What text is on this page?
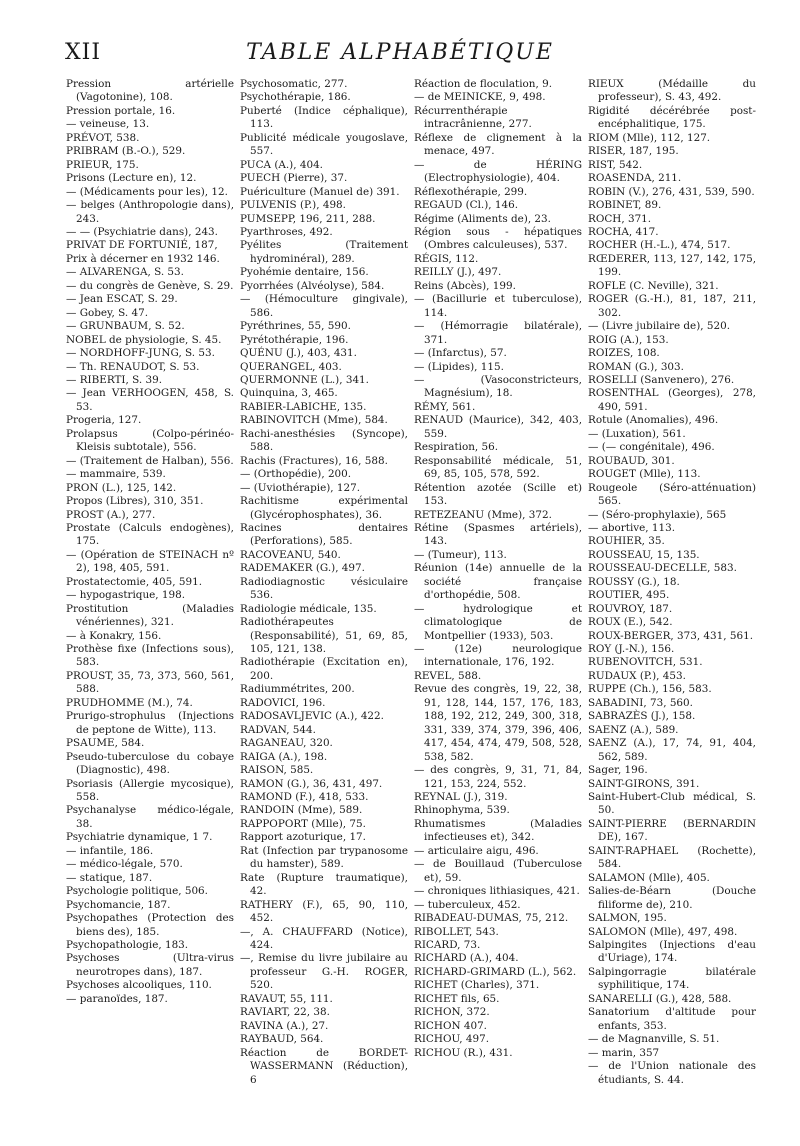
XII	TABLE ALPHABÉTIQUE
Pression artérielle (Vagotonine), 108.
Pression portale, 16.
— veineuse, 13.
PRÉVOT, 538.
PRIBRAM (B.-O.), 529.
PRIEUR, 175.
Prisons (Lecture en), 12.
— (Médicaments pour les), 12.
— belges (Anthropologie dans), 243.
— — (Psychiatrie dans), 243.
PRIVAT DE FORTUNIÉ, 187,
Prix à décerner en 1932 146.
— ALVARENGA, S. 53.
— du congrès de Genève, S. 29.
— Jean ESCAT, S. 29.
— Gobey, S. 47.
— GRUNBAUM, S. 52.
NOBEL de physiologie, S. 45.
— NORDHOFF-JUNG, S. 53.
— Th. RENAUDOT, S. 53.
— RIBERTI, S. 39.
— Jean VERHOOGEN, 458, S. 53.
Progeria, 127.
Prolapsus (Colpo-périnéo-Kleisis subtotale), 556.
— (Traitement de Halban), 556.
— mammaire, 539.
PRON (L.), 125, 142.
Propos (Libres), 310, 351.
PROST (A.), 277.
Prostate (Calculs endogènes), 175.
— (Opération de STEINACH nº 2), 198, 405, 591.
Prostatectomie, 405, 591.
— hypogastrique, 198.
Prostitution (Maladies vénériennes), 321.
— à Konakry, 156.
Prothèse fixe (Infections sous), 583.
PROUST, 35, 73, 373, 560, 561, 588.
PRUDHOMME (M.), 74.
Prurigo-strophulus (Injections de peptone de Witte), 113.
PSAUME, 584.
Pseudo-tuberculose du cobaye (Diagnostic), 498.
Psoriasis (Allergie mycosique), 558.
Psychanalyse médico-légale, 38.
Psychiatrie dynamique, 1 7.
— infantile, 186.
— médico-légale, 570.
— statique, 187.
Psychologie politique, 506.
Psychomancie, 187.
Psychopathes (Protection des biens des), 185.
Psychopathologie, 183.
Psychoses (Ultra-virus neurotropes dans), 187.
Psychoses alcooliques, 110.
— paranoïdes, 187.
Psychosomatic, 277.
Psychothérapie, 186.
Puberté (Indice céphalique), 113.
Publicité médicale yougoslave, 557.
PUCA (A.), 404.
PUECH (Pierre), 37.
Puériculture (Manuel de) 391.
PULVENIS (P.), 498.
PUMSEPP, 196, 211, 288.
Pyarthroses, 492.
Pyélites (Traitement hydrominéral), 289.
Pyohémie dentaire, 156.
Pyorrhées (Alvéolyse), 584.
— (Hémoculture gingivale), 586.
Pyréthrines, 55, 590.
Pyrétothérapie, 196.
QUÉNU (J.), 403, 431.
QUERANGEL, 403.
QUERMONNE (L.), 341.
Quinquina, 3, 465.
RABIER-LABICHE, 135.
RABINOVITCH (Mme), 584.
Rachi-anesthésies (Syncope), 588.
Rachis (Fractures), 16, 588.
— (Orthopédie), 200.
— (Uviothérapie), 127.
Rachitisme expérimental (Glycérophosphates), 36.
Racines dentaires (Perforations), 585.
RACOVEANU, 540.
RADEMAKER (G.), 497.
Radiodiagnostic vésiculaire 536.
Radiologie médicale, 135.
Radiothérapeutes (Responsabilité), 51, 69, 85, 105, 121, 138.
Radiothérapie (Excitation en), 200.
Radiummétrites, 200.
RADOVICI, 196.
RADOSAVLJEVIC (A.), 422.
RADVAN, 544.
RAGANEAU, 320.
RAIGA (A.), 198.
RAISON, 585.
RAMON (G.), 36, 431, 497.
RAMOND (F.), 418, 533.
RANDOIN (Mme), 589.
RAPPOPORT (Mlle), 75.
Rapport azoturique, 17.
Rat (Infection par trypanosome du hamster), 589.
Rate (Rupture traumatique), 42.
RATHERY (F.), 65, 90, 110, 452.
—, A. CHAUFFARD (Notice), 424.
—, Remise du livre jubilaire au professeur G.-H. ROGER, 520.
RAVAUT, 55, 111.
RAVIART, 22, 38.
RAVINA (A.), 27.
RAYBAUD, 564.
Réaction de BORDET-WASSERMANN (Réduction), 6
Réaction de floculation, 9.
— de MEINICKE, 9, 498.
Récurrenthérapie intracrânienne, 277.
Réflexe de clignement à la menace, 497.
— de HÉRING (Electrophysiologie), 404.
Réflexothérapie, 299.
REGAUD (Cl.), 146.
Régime (Aliments de), 23.
Région sous - hépatiques (Ombres calculeuses), 537.
RÉGIS, 112.
REILLY (J.), 497.
Reins (Abcès), 199.
— (Bacillurie et tuberculose), 114.
— (Hémorragie bilatérale), 371.
— (Infarctus), 57.
— (Lipides), 115.
— (Vasoconstricteurs, Magnésium), 18.
RÉMY, 561.
RENAUD (Maurice), 342, 403, 559.
Respiration, 56.
Responsabilité médicale, 51, 69, 85, 105, 578, 592.
Rétention azotée (Scille et) 153.
RETEZEANU (Mme), 372.
Rétine (Spasmes artériels), 143.
— (Tumeur), 113.
Réunion (14e) annuelle de la société française d'orthopédie, 508.
— hydrologique et climatologique de Montpellier (1933), 503.
— (12e) neurologique internationale, 176, 192.
REVEL, 588.
Revue des congrès, 19, 22, 38, 91, 128, 144, 157, 176, 183, 188, 192, 212, 249, 300, 318, 331, 339, 374, 379, 396, 406, 417, 454, 474, 479, 508, 528, 538, 582.
— des congrès, 9, 31, 71, 84, 121, 153, 224, 552.
REYNAL (J.), 319.
Rhinophyma, 539.
Rhumatismes (Maladies infectieuses et), 342.
— articulaire aigu, 496.
— de Bouillaud (Tuberculose et), 59.
— chroniques lithiasiques, 421.
— tuberculeux, 452.
RIBADEAU-DUMAS, 75, 212.
RIBOLLET, 543.
RICARD, 73.
RICHARD (A.), 404.
RICHARD-GRIMARD (L.), 562.
RICHET (Charles), 371.
RICHET fils, 65.
RICHON, 372.
RICHON 407.
RICHOU, 497.
RICHOU (R.), 431.
RIEUX (Médaille du professeur), S. 43, 492.
Rigidité décérébrée post-encéphalitique, 175.
RIOM (Mlle), 112, 127.
RISER, 187, 195.
RIST, 542.
ROASENDA, 211.
ROBIN (V.), 276, 431, 539, 590.
ROBINET, 89.
ROCH, 371.
ROCHA, 417.
ROCHER (H.-L.), 474, 517.
RŒDERER, 113, 127, 142, 175, 199.
ROFLE (C. Neville), 321.
ROGER (G.-H.), 81, 187, 211, 302.
— (Livre jubilaire de), 520.
ROIG (A.), 153.
ROIZES, 108.
ROMAN (G.), 303.
ROSELLI (Sanvenero), 276.
ROSENTHAL (Georges), 278, 490, 591.
Rotule (Anomalies), 496.
— (Luxation), 561.
— (— congénitale), 496.
ROUBAUD, 301.
ROUGET (Mlle), 113.
Rougeole (Séro-atténuation) 565.
— (Séro-prophylaxie), 565
— abortive, 113.
ROUHIER, 35.
ROUSSEAU, 15, 135.
ROUSSEAU-DECELLE, 583.
ROUSSY (G.), 18.
ROUTIER, 495.
ROUVROY, 187.
ROUX (E.), 542.
ROUX-BERGER, 373, 431, 561.
ROY (J.-N.), 156.
RUBENOVITCH, 531.
RUDAUX (P.), 453.
RUPPE (Ch.), 156, 583.
SABADINI, 73, 560.
SABRAZÈS (J.), 158.
SAENZ (A.), 589.
SAENZ (A.), 17, 74, 91, 404, 562, 589.
Sager, 196.
SAINT-GIRONS, 391.
Saint-Hubert-Club médical, S. 50.
SAINT-PIERRE (BERNARDIN DE), 167.
SAINT-RAPHAEL (Rochette), 584.
SALAMON (Mlle), 405.
Salies-de-Béarn (Douche filiforme de), 210.
SALMON, 195.
SALOMON (Mlle), 497, 498.
Salpingites (Injections d'eau d'Uriage), 174.
Salpingorragie bilatérale syphilitique, 174.
SANARELLI (G.), 428, 588.
Sanatorium d'altitude pour enfants, 353.
— de Magnanville, S. 51.
— marin, 357
— de l'Union nationale des étudiants, S. 44.
